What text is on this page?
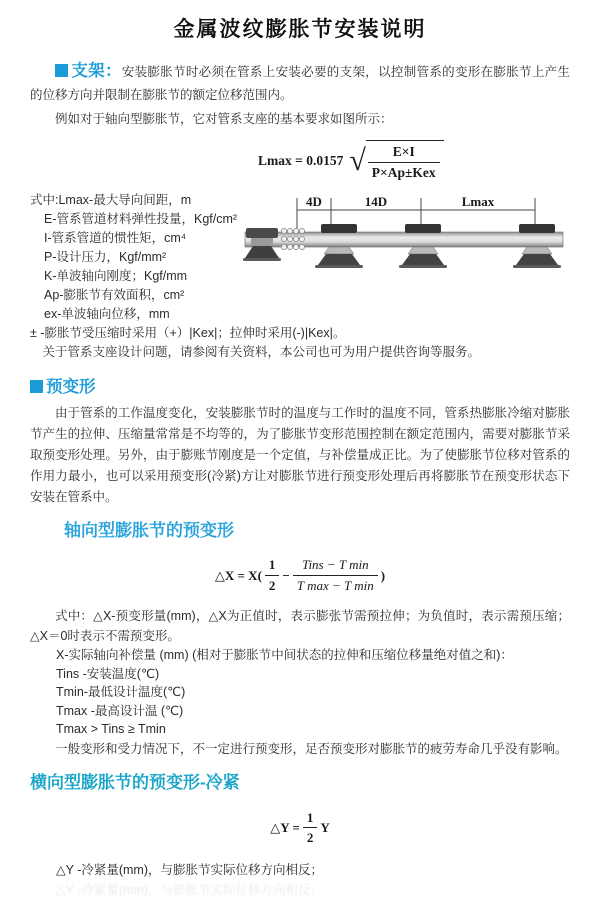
金属波纹膨胀节安装说明

支架：安装膨胀节时必须在管系上安装必要的支架，以控制管系的变形在膨胀节上产生的位移方向并限制在膨胀节的额定位移范围内。

例如对于轴向型膨胀节，它对管系支座的基本要求如图所示：

Lmax = 0.0157 √ $\frac{E\times I}{\text{P×Ap±Kex}}$
式中:Lmax-最大导向间距，m
E-管系管道材料弹性投量，Kgf/cm²
I-管系管道的惯性矩，cm⁴
P-设计压力，Kgf/mm²
K-单波轴向刚度；Kgf/mm
Ap-膨胀节有效面积，cm²
ex-单波轴向位移，mm
± -膨胀节受压缩时采用（+）|Kex|；拉伸时采用(-)|Kex|。
关于管系支座设计问题，请参阅有关资料，本公司也可为用户提供咨询等服务。
4D	14D	Lmax

预变形

由于管系的工作温度变化，安装膨胀节时的温度与工作时的温度不同，管系热膨胀冷缩对膨胀节产生的拉伸、压缩量常常是不均等的，为了膨胀节变形范围控制在额定范围内，需要对膨胀节采取预变形处理。另外，由于膨账节刚度是一个定值，与补偿量成正比。为了使膨胀节位移对管系的作用力最小，也可以采用预变形(冷紧)方让对膨胀节进行预变形处理后再将膨胀节在预变形状态下安装在管系中。

轴向型膨胀节的预变形
△X = $X( \frac{1}{2} - \frac{\text{Tins − T min}}{\text{T max − T min}}$ )

式中：△X-预变形量(mm)，△X为正值时，表示膨张节需预拉伸；为负值时，表示需预压缩；△X＝0时表示不需预变形。

X-实际轴向补偿量 (mm) (相对于膨胀节中间状态的拉伸和压缩位移量绝对值之和)：
Tins -安装温度(℃)
Tmin-最低设计温度(℃)
Tmax -最高设计温 (℃)
Tmax > Tins ≥ Tmin

一般变形和受力情况下，不一定进行预变形，足否预变形对膨胀节的疲劳寿命几乎没有影响。

横向型膨胀节的预变形-冷紧
△Y = $\frac{1}{2}$ Y
△Y -冷紧量(mm)，与膨胀节实际位移方向相反；
△Y -冷紧量(mm)，与膨胀节实际位移方向相反；
